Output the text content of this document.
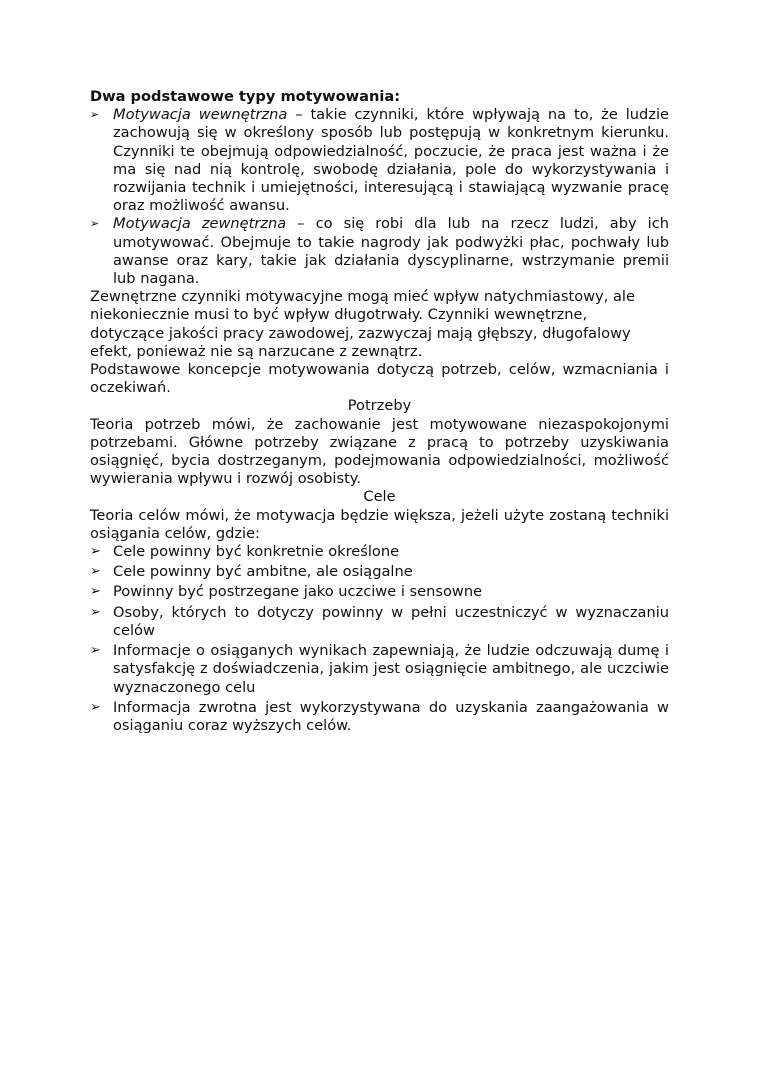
Dwa podstawowe typy motywowania:

➢ Motywacja wewnętrzna – takie czynniki, które wpływają na to, że ludzie zachowują się w określony sposób lub postępują w konkretnym kierunku. Czynniki te obejmują odpowiedzialność, poczucie, że praca jest ważna i że ma się nad nią kontrolę, swobodę działania, pole do wykorzystywania i rozwijania technik i umiejętności, interesującą i stawiającą wyzwanie pracę oraz możliwość awansu.
➢ Motywacja zewnętrzna – co się robi dla lub na rzecz ludzi, aby ich umotywować. Obejmuje to takie nagrody jak podwyżki płac, pochwały lub awanse oraz kary, takie jak działania dyscyplinarne, wstrzymanie premii lub nagana.
Zewnętrzne czynniki motywacyjne mogą mieć wpływ natychmiastowy, ale
niekoniecznie musi to być wpływ długotrwały. Czynniki wewnętrzne,
dotyczące jakości pracy zawodowej, zazwyczaj mają głębszy, długofalowy
efekt, ponieważ nie są narzucane z zewnątrz.

Podstawowe koncepcje motywowania dotyczą potrzeb, celów, wzmacniania i oczekiwań.

Potrzeby

Teoria potrzeb mówi, że zachowanie jest motywowane niezaspokojonymi potrzebami. Główne potrzeby związane z pracą to potrzeby uzyskiwania osiągnięć, bycia dostrzeganym, podejmowania odpowiedzialności, możliwość wywierania wpływu i rozwój osobisty.

Cele

Teoria celów mówi, że motywacja będzie większa, jeżeli użyte zostaną techniki osiągania celów, gdzie:

➢ Cele powinny być konkretnie określone
➢ Cele powinny być ambitne, ale osiągalne
➢ Powinny być postrzegane jako uczciwe i sensowne
➢ Osoby, których to dotyczy powinny w pełni uczestniczyć w wyznaczaniu celów
➢ Informacje o osiąganych wynikach zapewniają, że ludzie odczuwają dumę i satysfakcję z doświadczenia, jakim jest osiągnięcie ambitnego, ale uczciwie wyznaczonego celu
➢ Informacja zwrotna jest wykorzystywana do uzyskania zaangażowania w osiąganiu coraz wyższych celów.
